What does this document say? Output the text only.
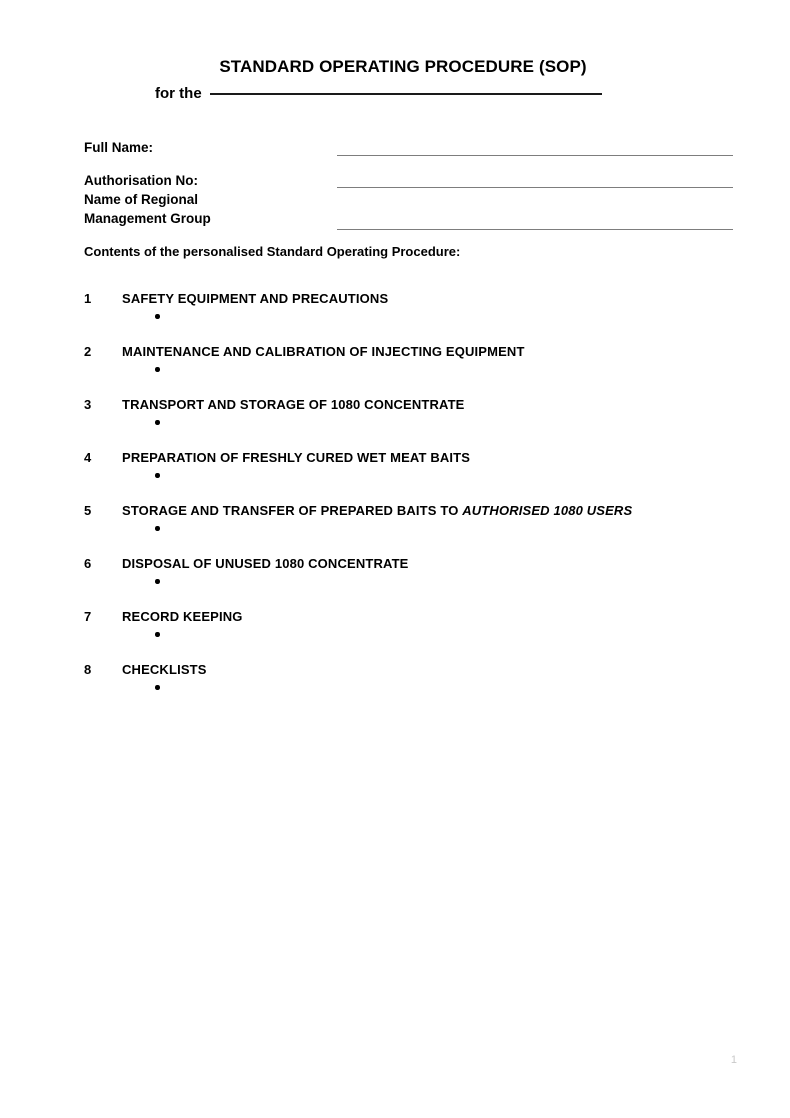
STANDARD OPERATING PROCEDURE (SOP)
for the
Full Name:
Authorisation No:
Name of Regional
Management Group
Contents of the personalised Standard Operating Procedure:
1 SAFETY EQUIPMENT AND PRECAUTIONS
2 MAINTENANCE AND CALIBRATION OF INJECTING EQUIPMENT
3 TRANSPORT AND STORAGE OF 1080 CONCENTRATE
4 PREPARATION OF FRESHLY CURED WET MEAT BAITS
5 STORAGE AND TRANSFER OF PREPARED BAITS TO AUTHORISED 1080 USERS
6 DISPOSAL OF UNUSED 1080 CONCENTRATE
7 RECORD KEEPING
8 CHECKLISTS
1
